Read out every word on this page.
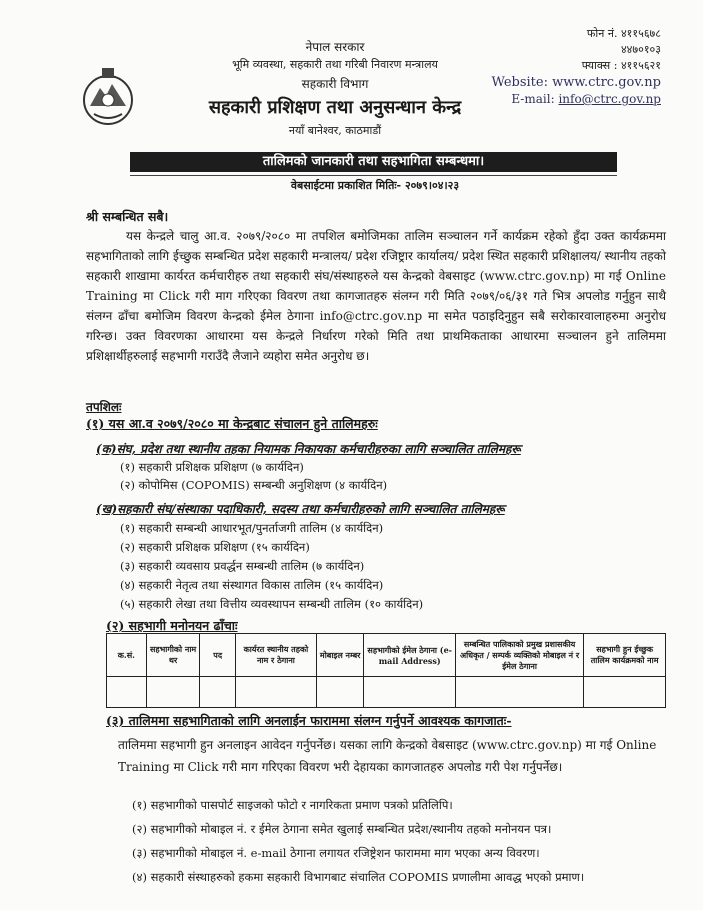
नेपाल सरकार
भूमि व्यवस्था, सहकारी तथा गरिबी निवारण मन्त्रालय
सहकारी विभाग
सहकारी प्रशिक्षण तथा अनुसन्धान केन्द्र
नयाँ बानेश्वर, काठमाडौं
फोन नं. ४११५६७८
४४७०१०३
फ्याक्स : ४११५६२१
Website: www.ctrc.gov.np
E-mail: info@ctrc.gov.np
तालिमको जानकारी तथा सहभागिता सम्बन्धमा।
वेबसाईटमा प्रकाशित मितिः- २०७९।०४।२३
श्री सम्बन्धित सबै।
यस केन्द्रले चालु आ.व. २०७९/२०८० मा तपशिल बमोजिमका तालिम सञ्चालन गर्ने कार्यक्रम रहेको हुँदा उक्त कार्यक्रममा सहभागिताको लागि ईच्छुक सम्बन्धित प्रदेश सहकारी मन्त्रालय/ प्रदेश रजिष्ट्रार कार्यालय/ प्रदेश स्थित सहकारी प्रशिक्षालय/ स्थानीय तहको सहकारी शाखामा कार्यरत कर्मचारीहरु तथा सहकारी संघ/संस्थाहरुले यस केन्द्रको वेबसाइट (www.ctrc.gov.np) मा गई Online Training मा Click गरी माग गरिएका विवरण तथा कागजातहरु संलग्न गरी मिति २०७९/०६/३१ गते भित्र अपलोड गर्नुहुन साथै संलग्न ढाँचा बमोजिम विवरण केन्द्रको ईमेल ठेगाना info@ctrc.gov.np मा समेत पठाइदिनुहुन सबै सरोकारवालाहरुमा अनुरोध गरिन्छ। उक्त विवरणका आधारमा यस केन्द्रले निर्धारण गरेको मिति तथा प्राथमिकताका आधारमा सञ्चालन हुने तालिममा प्रशिक्षार्थीहरुलाई सहभागी गराउँदै लैजाने व्यहोरा समेत अनुरोध छ।
तपशिलः
(१) यस आ.व २०७९/२०८० मा केन्द्रबाट संचालन हुने तालिमहरुः
(क)संघ, प्रदेश तथा स्थानीय तहका नियामक निकायका कर्मचारीहरुका लागि सञ्चालित तालिमहरू
(१) सहकारी प्रशिक्षक प्रशिक्षण (७ कार्यदिन)
(२) कोपोमिस (COPOMIS) सम्बन्धी अनुशिक्षण (४ कार्यदिन)
(ख)सहकारी संघ/संस्थाका पदाधिकारी, सदस्य तथा कर्मचारीहरुको लागि सञ्चालित तालिमहरू
(१) सहकारी सम्बन्धी आधारभूत/पुनर्ताजगी तालिम (४ कार्यदिन)
(२) सहकारी प्रशिक्षक प्रशिक्षण (१५ कार्यदिन)
(३) सहकारी व्यवसाय प्रवर्द्धन सम्बन्धी तालिम (७ कार्यदिन)
(४) सहकारी नेतृत्व तथा संस्थागत विकास तालिम (१५ कार्यदिन)
(५) सहकारी लेखा तथा वित्तीय व्यवस्थापन सम्बन्धी तालिम (१० कार्यदिन)
(२) सहभागी मनोनयन ढाँचाः
क.सं.	सहभागीको नाम थर	पद	कार्यरत स्थानीय तहको नाम र ठेगाना	मोबाइल नम्बर	सहभागीको ईमेल ठेगाना (e-mail Address)	सम्बन्धित पालिकाको प्रमुख प्रशासकीय अधिकृत / सम्पर्क व्यक्तिको मोबाइल नं र ईमेल ठेगाना	सहभागी हुन ईच्छुक तालिम कार्यक्रमको नाम

(३) तालिममा सहभागिताको लागि अनलाईन फाराममा संलग्न गर्नुपर्ने आवश्यक कागजातः-
तालिममा सहभागी हुन अनलाइन आवेदन गर्नुपर्नेछ। यसका लागि केन्द्रको वेबसाइट (www.ctrc.gov.np) मा गई Online Training मा Click गरी माग गरिएका विवरण भरी देहायका कागजातहरु अपलोड गरी पेश गर्नुपर्नेछ।
(१) सहभागीको पासपोर्ट साइजको फोटो र नागरिकता प्रमाण पत्रको प्रतिलिपि।
(२) सहभागीको मोबाइल नं. र ईमेल ठेगाना समेत खुलाई सम्बन्धित प्रदेश/स्थानीय तहको मनोनयन पत्र।
(३) सहभागीको मोबाइल नं. e-mail ठेगाना लगायत रजिष्ट्रेशन फाराममा माग भएका अन्य विवरण।
(४) सहकारी संस्थाहरुको हकमा सहकारी विभागबाट संचालित COPOMIS प्रणालीमा आवद्ध भएको प्रमाण।
